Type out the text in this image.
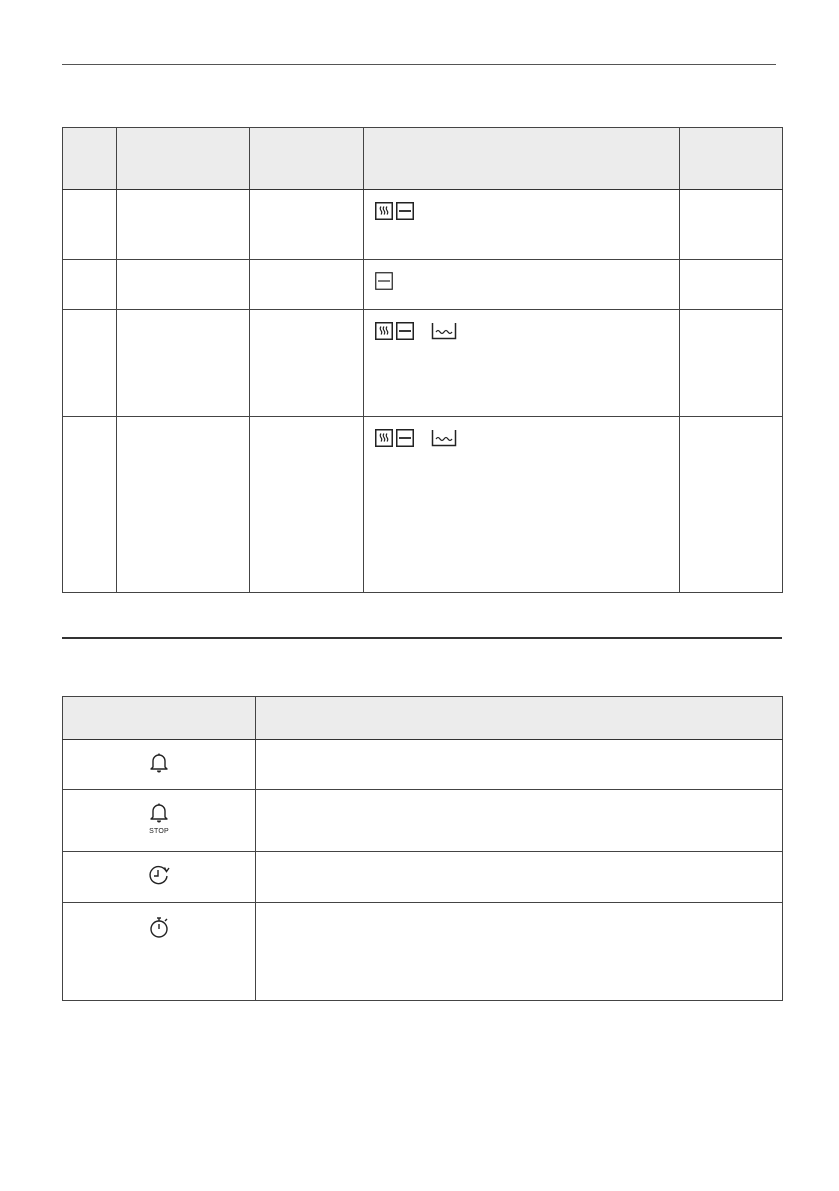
STOP	
